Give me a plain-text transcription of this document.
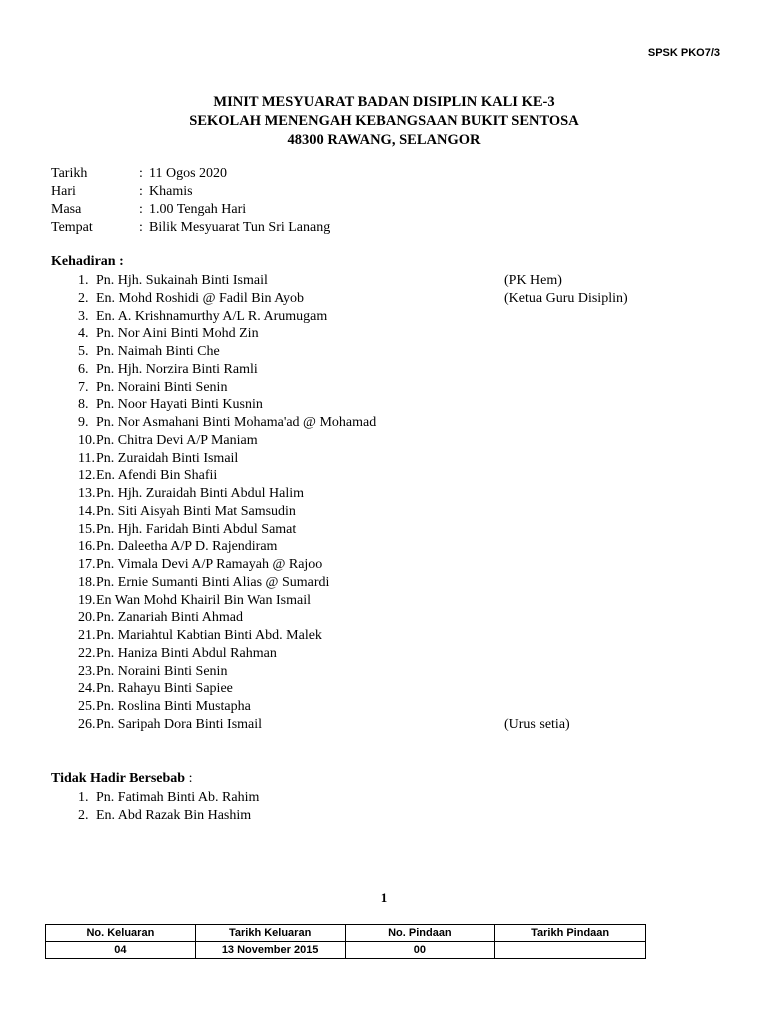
SPSK PKO7/3
MINIT MESYUARAT BADAN DISIPLIN KALI KE-3
SEKOLAH MENENGAH KEBANGSAAN BUKIT SENTOSA
48300 RAWANG, SELANGOR
Tarikh	: 11 Ogos 2020
Hari	: Khamis
Masa	: 1.00 Tengah Hari
Tempat	: Bilik Mesyuarat Tun Sri Lanang
Kehadiran :
1. Pn. Hjh. Sukainah Binti Ismail	(PK Hem)
2. En. Mohd Roshidi @ Fadil Bin Ayob	(Ketua Guru Disiplin)
3. En. A. Krishnamurthy A/L R. Arumugam
4. Pn. Nor Aini Binti Mohd Zin
5. Pn. Naimah Binti Che
6. Pn. Hjh. Norzira Binti Ramli
7. Pn. Noraini Binti Senin
8. Pn. Noor Hayati Binti Kusnin
9. Pn. Nor Asmahani Binti Mohama'ad @ Mohamad
10. Pn. Chitra Devi A/P Maniam
11. Pn. Zuraidah Binti Ismail
12. En. Afendi Bin Shafii
13. Pn. Hjh. Zuraidah Binti Abdul Halim
14. Pn. Siti Aisyah Binti Mat Samsudin
15. Pn. Hjh. Faridah Binti Abdul Samat
16. Pn. Daleetha A/P D. Rajendiram
17. Pn. Vimala Devi A/P Ramayah @ Rajoo
18. Pn. Ernie Sumanti Binti Alias @ Sumardi
19. En Wan Mohd Khairil Bin Wan Ismail
20. Pn. Zanariah Binti Ahmad
21. Pn. Mariahtul Kabtian Binti Abd. Malek
22. Pn. Haniza Binti Abdul Rahman
23. Pn. Noraini Binti Senin
24. Pn. Rahayu Binti Sapiee
25. Pn. Roslina Binti Mustapha
26. Pn. Saripah Dora Binti Ismail	(Urus setia)
Tidak Hadir Bersebab :
1. Pn. Fatimah Binti Ab. Rahim
2. En. Abd Razak Bin Hashim
1
No. Keluaran	Tarikh Keluaran	No. Pindaan	Tarikh Pindaan
04	13 November 2015	00	
